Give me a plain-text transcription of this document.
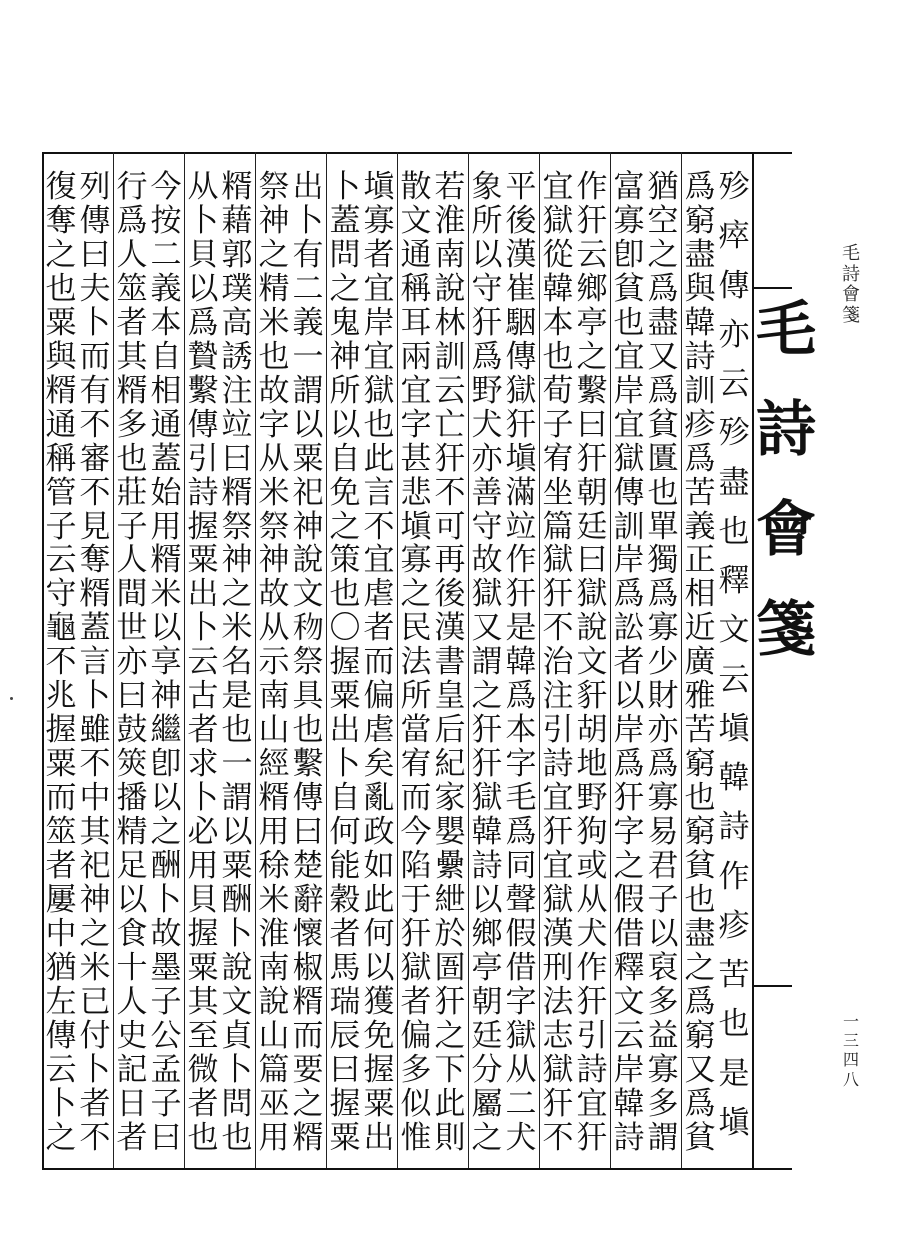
毛
詩
會
箋
殄
瘁
傳
亦
云
殄
盡
也
釋
文
云
塡
韓
詩
作
疹
苦
也
是
塡
爲
窮
盡
與
韓
詩
訓
疹
爲
苦
義
正
相
近
廣
雅
苦
窮
也
窮
貧
也
盡
之
爲
窮
又
爲
貧
猶
空
之
爲
盡
又
爲
貧
匱
也
單
獨
爲
寡
少
財
亦
爲
寡
易
君
子
以
裒
多
益
寡
多
謂
富
寡
卽
貧
也
宜
岸
宜
獄
傳
訓
岸
爲
訟
者
以
岸
爲
犴
字
之
假
借
釋
文
云
岸
韓
詩
作
犴
云
鄉
亭
之
繫
曰
犴
朝
廷
曰
獄
說
文
豻
胡
地
野
狗
或
从
犬
作
犴
引
詩
宜
犴
宜
獄
從
韓
本
也
荀
子
宥
坐
篇
獄
犴
不
治
注
引
詩
宜
犴
宜
獄
漢
刑
法
志
獄
犴
不
平
後
漢
崔
駰
傳
獄
犴
塡
滿
竝
作
犴
是
韓
爲
本
字
毛
爲
同
聲
假
借
字
獄
从
二
犬
象
所
以
守
犴
爲
野
犬
亦
善
守
故
獄
又
謂
之
犴
犴
獄
韓
詩
以
鄉
亭
朝
廷
分
屬
之
若
淮
南
說
林
訓
云
亡
犴
不
可
再
後
漢
書
皇
后
紀
家
嬰
纍
紲
於
圄
犴
之
下
此
則
散
文
通
稱
耳
兩
宜
字
甚
悲
塡
寡
之
民
法
所
當
宥
而
今
陷
于
犴
獄
者
偏
多
似
惟
塡
寡
者
宜
岸
宜
獄
也
此
言
不
宜
虐
者
而
偏
虐
矣
亂
政
如
此
何
以
獲
免
握
粟
出
卜
蓋
問
之
鬼
神
所
以
自
免
之
策
也
〇
握
粟
出
卜
自
何
能
穀
者
馬
瑞
辰
曰
握
粟
出
卜
有
二
義
一
謂
以
粟
祀
神
說
文
𥝤
祭
具
也
繫
傳
曰
楚
辭
懷
椒
糈
而
要
之
糈
祭
神
之
精
米
也
故
字
从
米
祭
神
故
从
示
南
山
經
糈
用
稌
米
淮
南
說
山
篇
巫
用
糈
藉
郭
璞
高
誘
注
竝
曰
糈
祭
神
之
米
名
是
也
一
謂
以
粟
酬
卜
說
文
貞
卜
問
也
从
卜
貝
以
爲
贄
繫
傳
引
詩
握
粟
出
卜
云
古
者
求
卜
必
用
貝
握
粟
其
至
微
者
也
今
按
二
義
本
自
相
通
蓋
始
用
糈
米
以
享
神
繼
卽
以
之
酬
卜
故
墨
子
公
孟
子
曰
行
爲
人
筮
者
其
糈
多
也
莊
子
人
間
世
亦
曰
鼓
筴
播
精
足
以
食
十
人
史
記
日
者
列
傳
曰
夫
卜
而
有
不
審
不
見
奪
糈
蓋
言
卜
雖
不
中
其
祀
神
之
米
已
付
卜
者
不
復
奪
之
也
粟
與
糈
通
稱
管
子
云
守
龜
不
兆
握
粟
而
筮
者
屢
中
猶
左
傳
云
卜
之
毛
詩
會
箋
一
三
四
八
